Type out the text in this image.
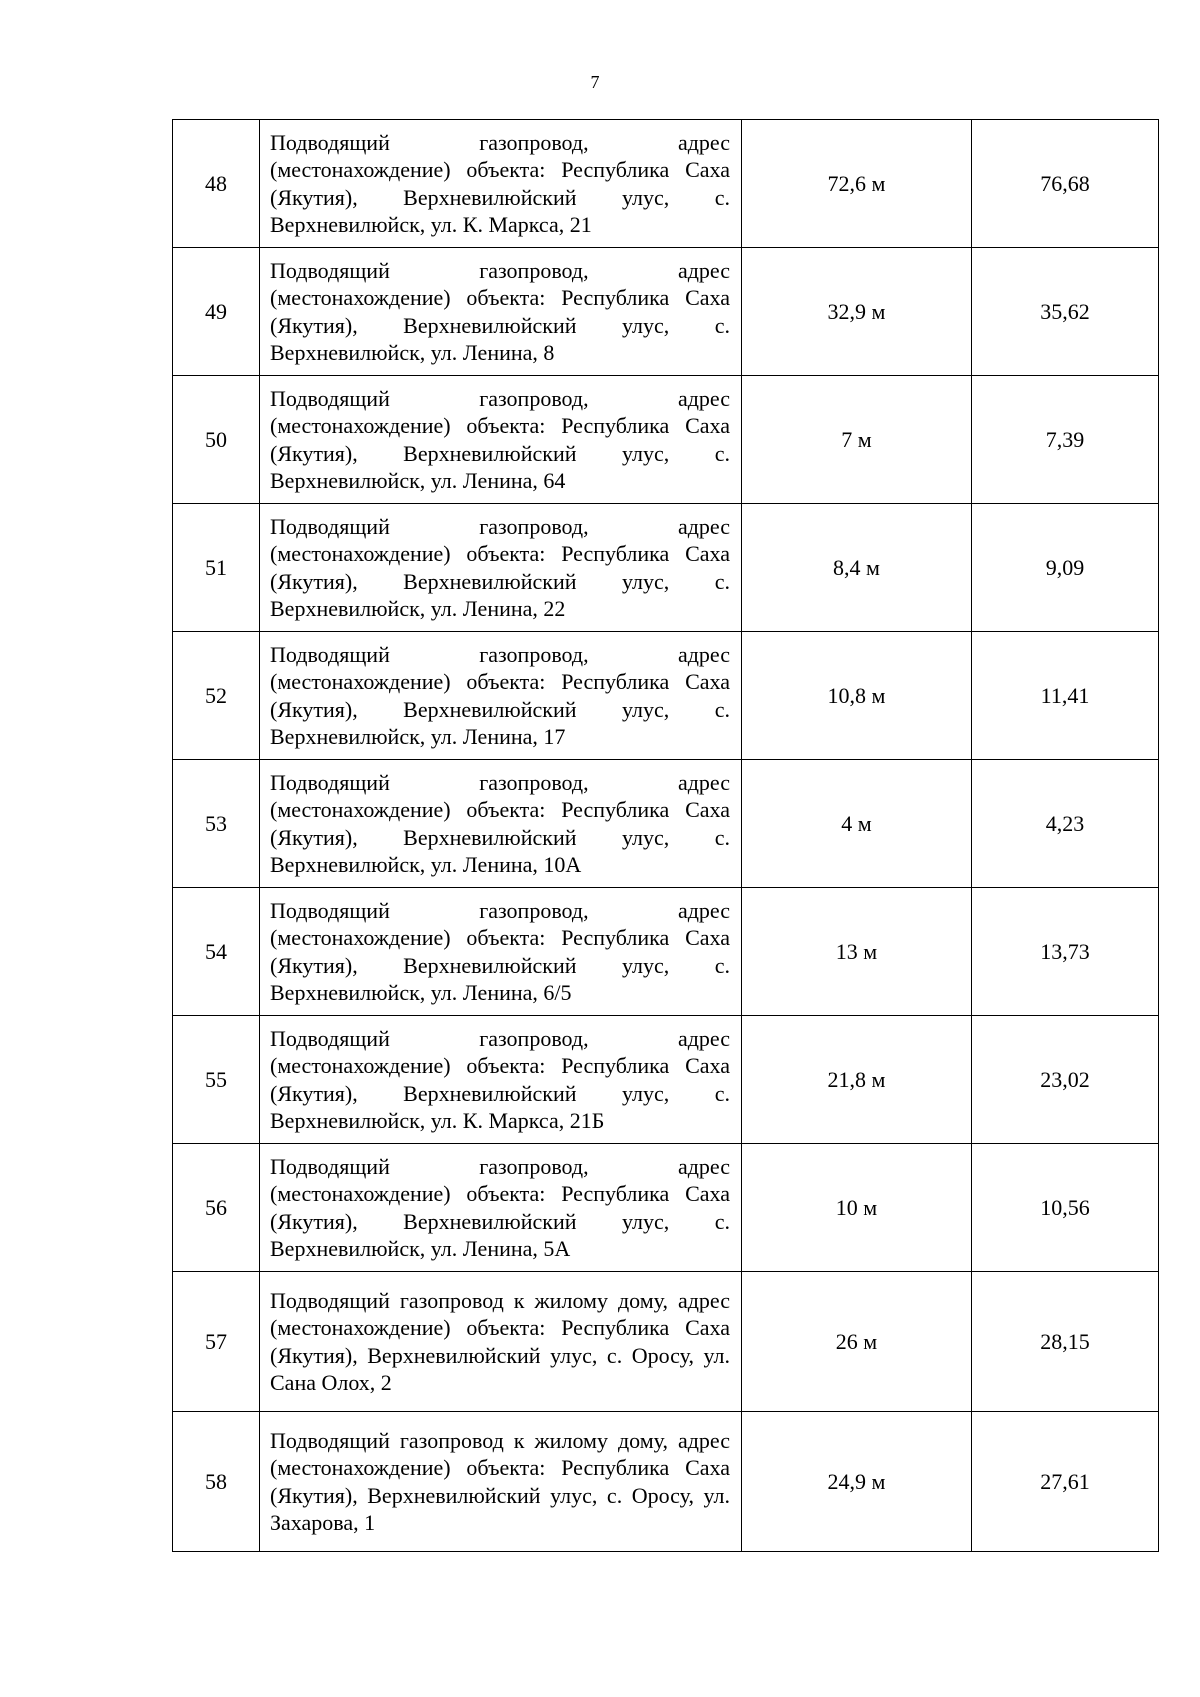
7
48	Подводящий газопровод, адрес (местонахождение) объекта: Республика Саха (Якутия), Верхневилюйский улус, с. Верхневилюйск, ул. К. Маркса, 21	72,6 м	76,68
49	Подводящий газопровод, адрес (местонахождение) объекта: Республика Саха (Якутия), Верхневилюйский улус, с. Верхневилюйск, ул. Ленина, 8	32,9 м	35,62
50	Подводящий газопровод, адрес (местонахождение) объекта: Республика Саха (Якутия), Верхневилюйский улус, с. Верхневилюйск, ул. Ленина, 64	7 м	7,39
51	Подводящий газопровод, адрес (местонахождение) объекта: Республика Саха (Якутия), Верхневилюйский улус, с. Верхневилюйск, ул. Ленина, 22	8,4 м	9,09
52	Подводящий газопровод, адрес (местонахождение) объекта: Республика Саха (Якутия), Верхневилюйский улус, с. Верхневилюйск, ул. Ленина, 17	10,8 м	11,41
53	Подводящий газопровод, адрес (местонахождение) объекта: Республика Саха (Якутия), Верхневилюйский улус, с. Верхневилюйск, ул. Ленина, 10А	4 м	4,23
54	Подводящий газопровод, адрес (местонахождение) объекта: Республика Саха (Якутия), Верхневилюйский улус, с. Верхневилюйск, ул. Ленина, 6/5	13 м	13,73
55	Подводящий газопровод, адрес (местонахождение) объекта: Республика Саха (Якутия), Верхневилюйский улус, с. Верхневилюйск, ул. К. Маркса, 21Б	21,8 м	23,02
56	Подводящий газопровод, адрес (местонахождение) объекта: Республика Саха (Якутия), Верхневилюйский улус, с. Верхневилюйск, ул. Ленина, 5А	10 м	10,56
57	Подводящий газопровод к жилому дому, адрес (местонахождение) объекта: Республика Саха (Якутия), Верхневилюйский улус, с. Оросу, ул. Сана Олох, 2	26 м	28,15
58	Подводящий газопровод к жилому дому, адрес (местонахождение) объекта: Республика Саха (Якутия), Верхневилюйский улус, с. Оросу, ул. Захарова, 1	24,9 м	27,61
